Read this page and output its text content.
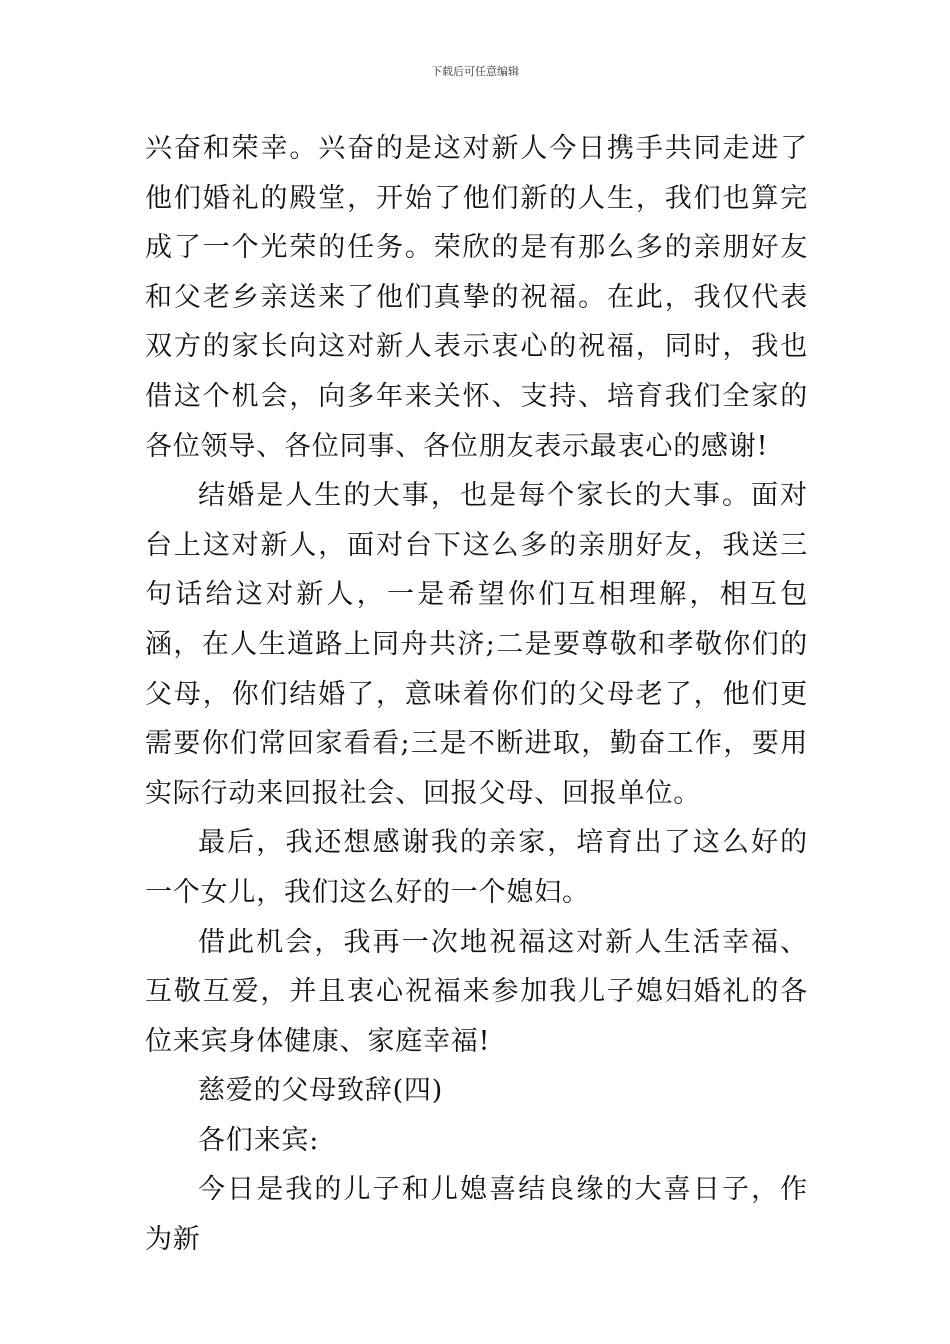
下载后可任意编辑

兴奋和荣幸。兴奋的是这对新人今日携手共同走进了他们婚礼的殿堂，开始了他们新的人生，我们也算完成了一个光荣的任务。荣欣的是有那么多的亲朋好友和父老乡亲送来了他们真挚的祝福。在此，我仅代表双方的家长向这对新人表示衷心的祝福，同时，我也借这个机会，向多年来关怀、支持、培育我们全家的各位领导、各位同事、各位朋友表示最衷心的感谢!

结婚是人生的大事，也是每个家长的大事。面对台上这对新人，面对台下这么多的亲朋好友，我送三句话给这对新人，一是希望你们互相理解，相互包涵，在人生道路上同舟共济;二是要尊敬和孝敬你们的父母，你们结婚了，意味着你们的父母老了，他们更需要你们常回家看看;三是不断进取，勤奋工作，要用实际行动来回报社会、回报父母、回报单位。

最后，我还想感谢我的亲家，培育出了这么好的一个女儿，我们这么好的一个媳妇。

借此机会，我再一次地祝福这对新人生活幸福、互敬互爱，并且衷心祝福来参加我儿子媳妇婚礼的各位来宾身体健康、家庭幸福!

慈爱的父母致辞(四)

各们来宾:

今日是我的儿子和儿媳喜结良缘的大喜日子，作为新
